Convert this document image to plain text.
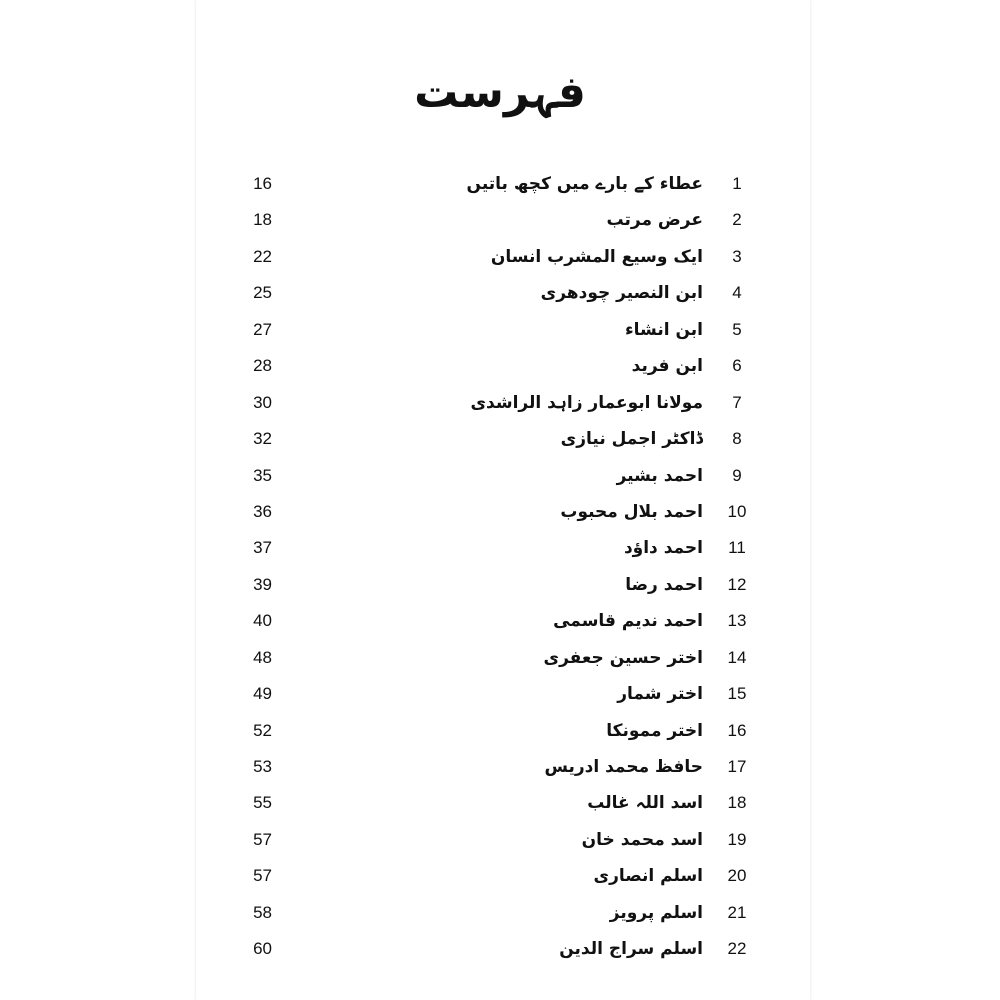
فہرست
1
عطاء کے بارے میں کچھ باتیں
16
2
عرض مرتب
18
3
ایک وسیع المشرب انسان
22
4
ابن النصیر چودھری
25
5
ابن انشاء
27
6
ابن فرید
28
7
مولانا ابوعمار زاہد الراشدی
30
8
ڈاکٹر اجمل نیازی
32
9
احمد بشیر
35
10
احمد بلال محبوب
36
11
احمد داؤد
37
12
احمد رضا
39
13
احمد ندیم قاسمی
40
14
اختر حسین جعفری
48
15
اختر شمار
49
16
اختر ممونکا
52
17
حافظ محمد ادریس
53
18
اسد اللہ غالب
55
19
اسد محمد خان
57
20
اسلم انصاری
57
21
اسلم پرویز
58
22
اسلم سراج الدین
60
